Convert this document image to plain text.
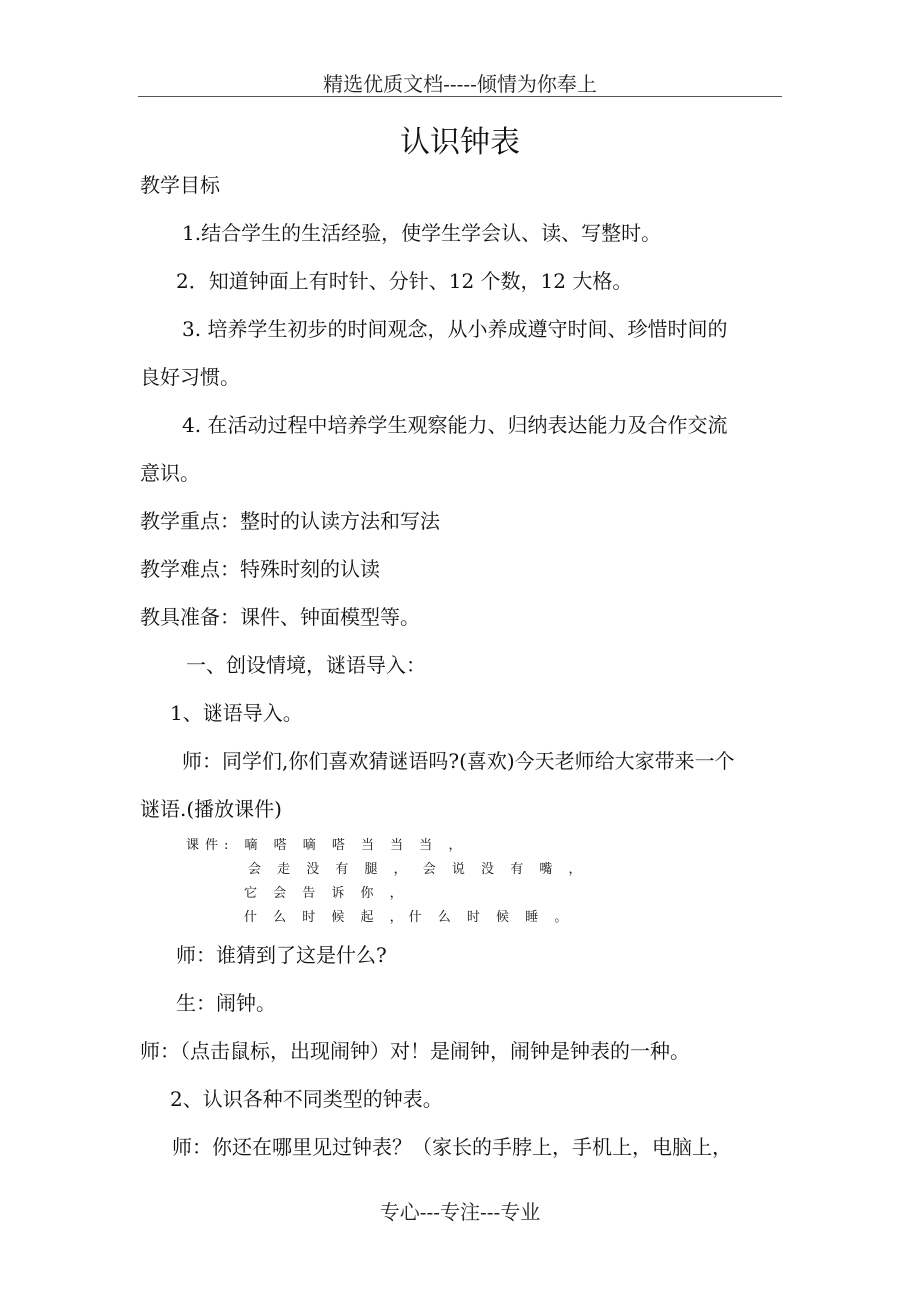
精选优质文档-----倾情为你奉上
认识钟表
教学目标
1.结合学生的生活经验，使学生学会认、读、写整时。
2．知道钟面上有时针、分针、12 个数，12 大格。
3. 培养学生初步的时间观念，从小养成遵守时间、珍惜时间的
良好习惯。
4. 在活动过程中培养学生观察能力、归纳表达能力及合作交流
意识。
教学重点：整时的认读方法和写法
教学难点：特殊时刻的认读
教具准备：课件、钟面模型等。
一、创设情境，谜语导入：
1、谜语导入。
师：同学们,你们喜欢猜谜语吗?(喜欢)今天老师给大家带来一个
谜语.(播放课件)
课件: 嘀 嗒 嘀 嗒 当 当 当 ，
会 走 没 有 腿 ， 会 说 没 有 嘴 ，
它 会 告 诉 你 ，
什 么 时 候 起 ，什 么 时 候 睡 。
师：谁猜到了这是什么?
生：闹钟。
师：（点击鼠标，出现闹钟）对！是闹钟，闹钟是钟表的一种。
2、认识各种不同类型的钟表。
师：你还在哪里见过钟表？（家长的手脖上，手机上，电脑上，
专心---专注---专业
